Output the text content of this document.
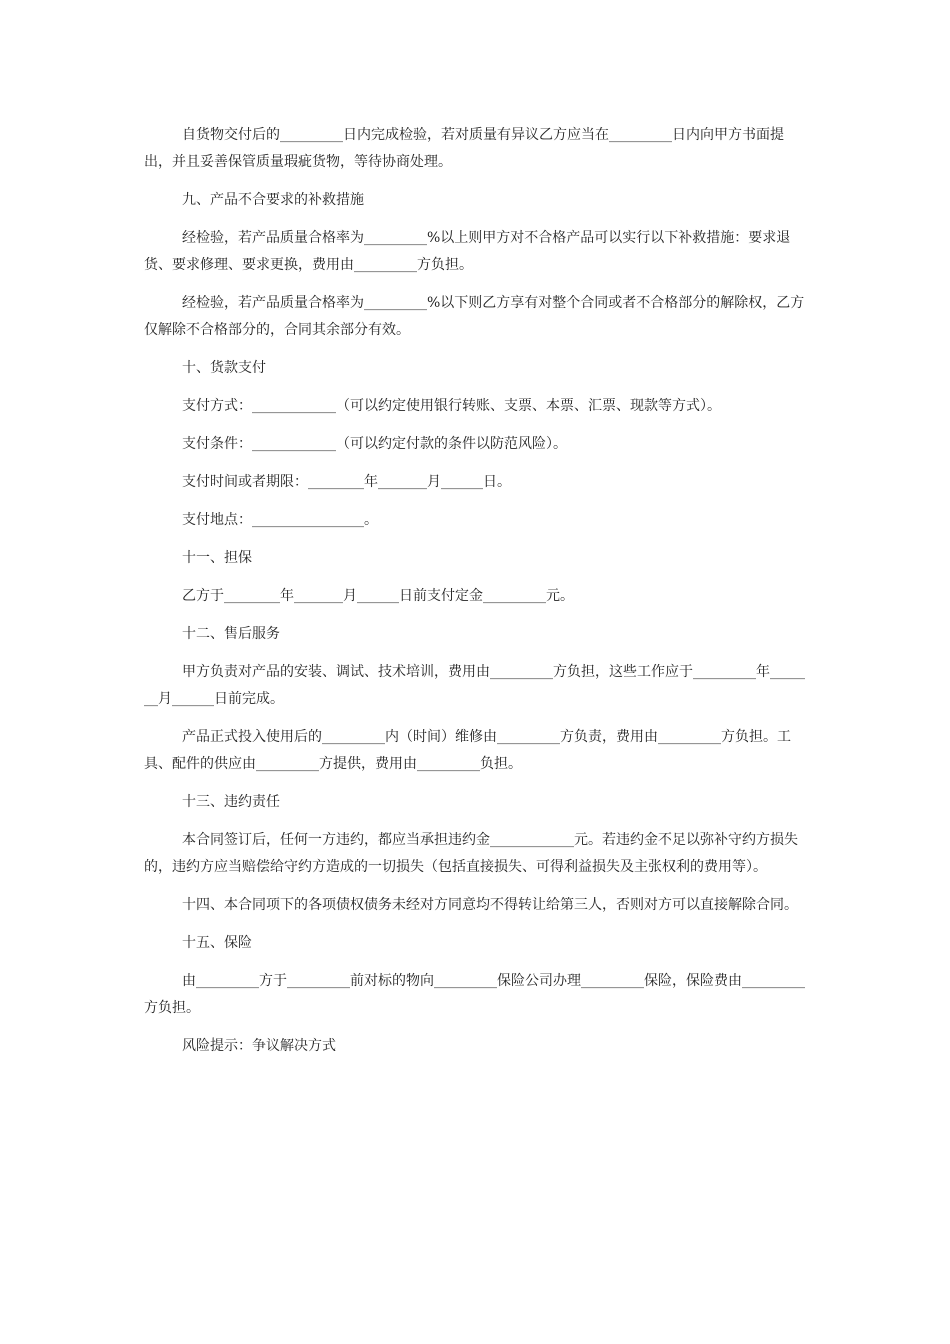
自货物交付后的_________日内完成检验，若对质量有异议乙方应当在_________日内向甲方书面提出，并且妥善保管质量瑕疵货物，等待协商处理。

九、产品不合要求的补救措施

经检验，若产品质量合格率为_________%以上则甲方对不合格产品可以实行以下补救措施：要求退货、要求修理、要求更换，费用由_________方负担。

经检验，若产品质量合格率为_________%以下则乙方享有对整个合同或者不合格部分的解除权，乙方仅解除不合格部分的，合同其余部分有效。

十、货款支付

支付方式：____________（可以约定使用银行转账、支票、本票、汇票、现款等方式）。

支付条件：____________（可以约定付款的条件以防范风险）。

支付时间或者期限：________年_______月______日。

支付地点：________________。

十一、担保

乙方于________年_______月______日前支付定金_________元。

十二、售后服务

甲方负责对产品的安装、调试、技术培训，费用由_________方负担，这些工作应于_________年_______月______日前完成。

产品正式投入使用后的_________内（时间）维修由_________方负责，费用由_________方负担。工具、配件的供应由_________方提供，费用由_________负担。

十三、违约责任

本合同签订后，任何一方违约，都应当承担违约金____________元。若违约金不足以弥补守约方损失的，违约方应当赔偿给守约方造成的一切损失（包括直接损失、可得利益损失及主张权利的费用等）。

十四、本合同项下的各项债权债务未经对方同意均不得转让给第三人，否则对方可以直接解除合同。

十五、保险

由_________方于_________前对标的物向_________保险公司办理_________保险，保险费由_________方负担。

风险提示：争议解决方式
